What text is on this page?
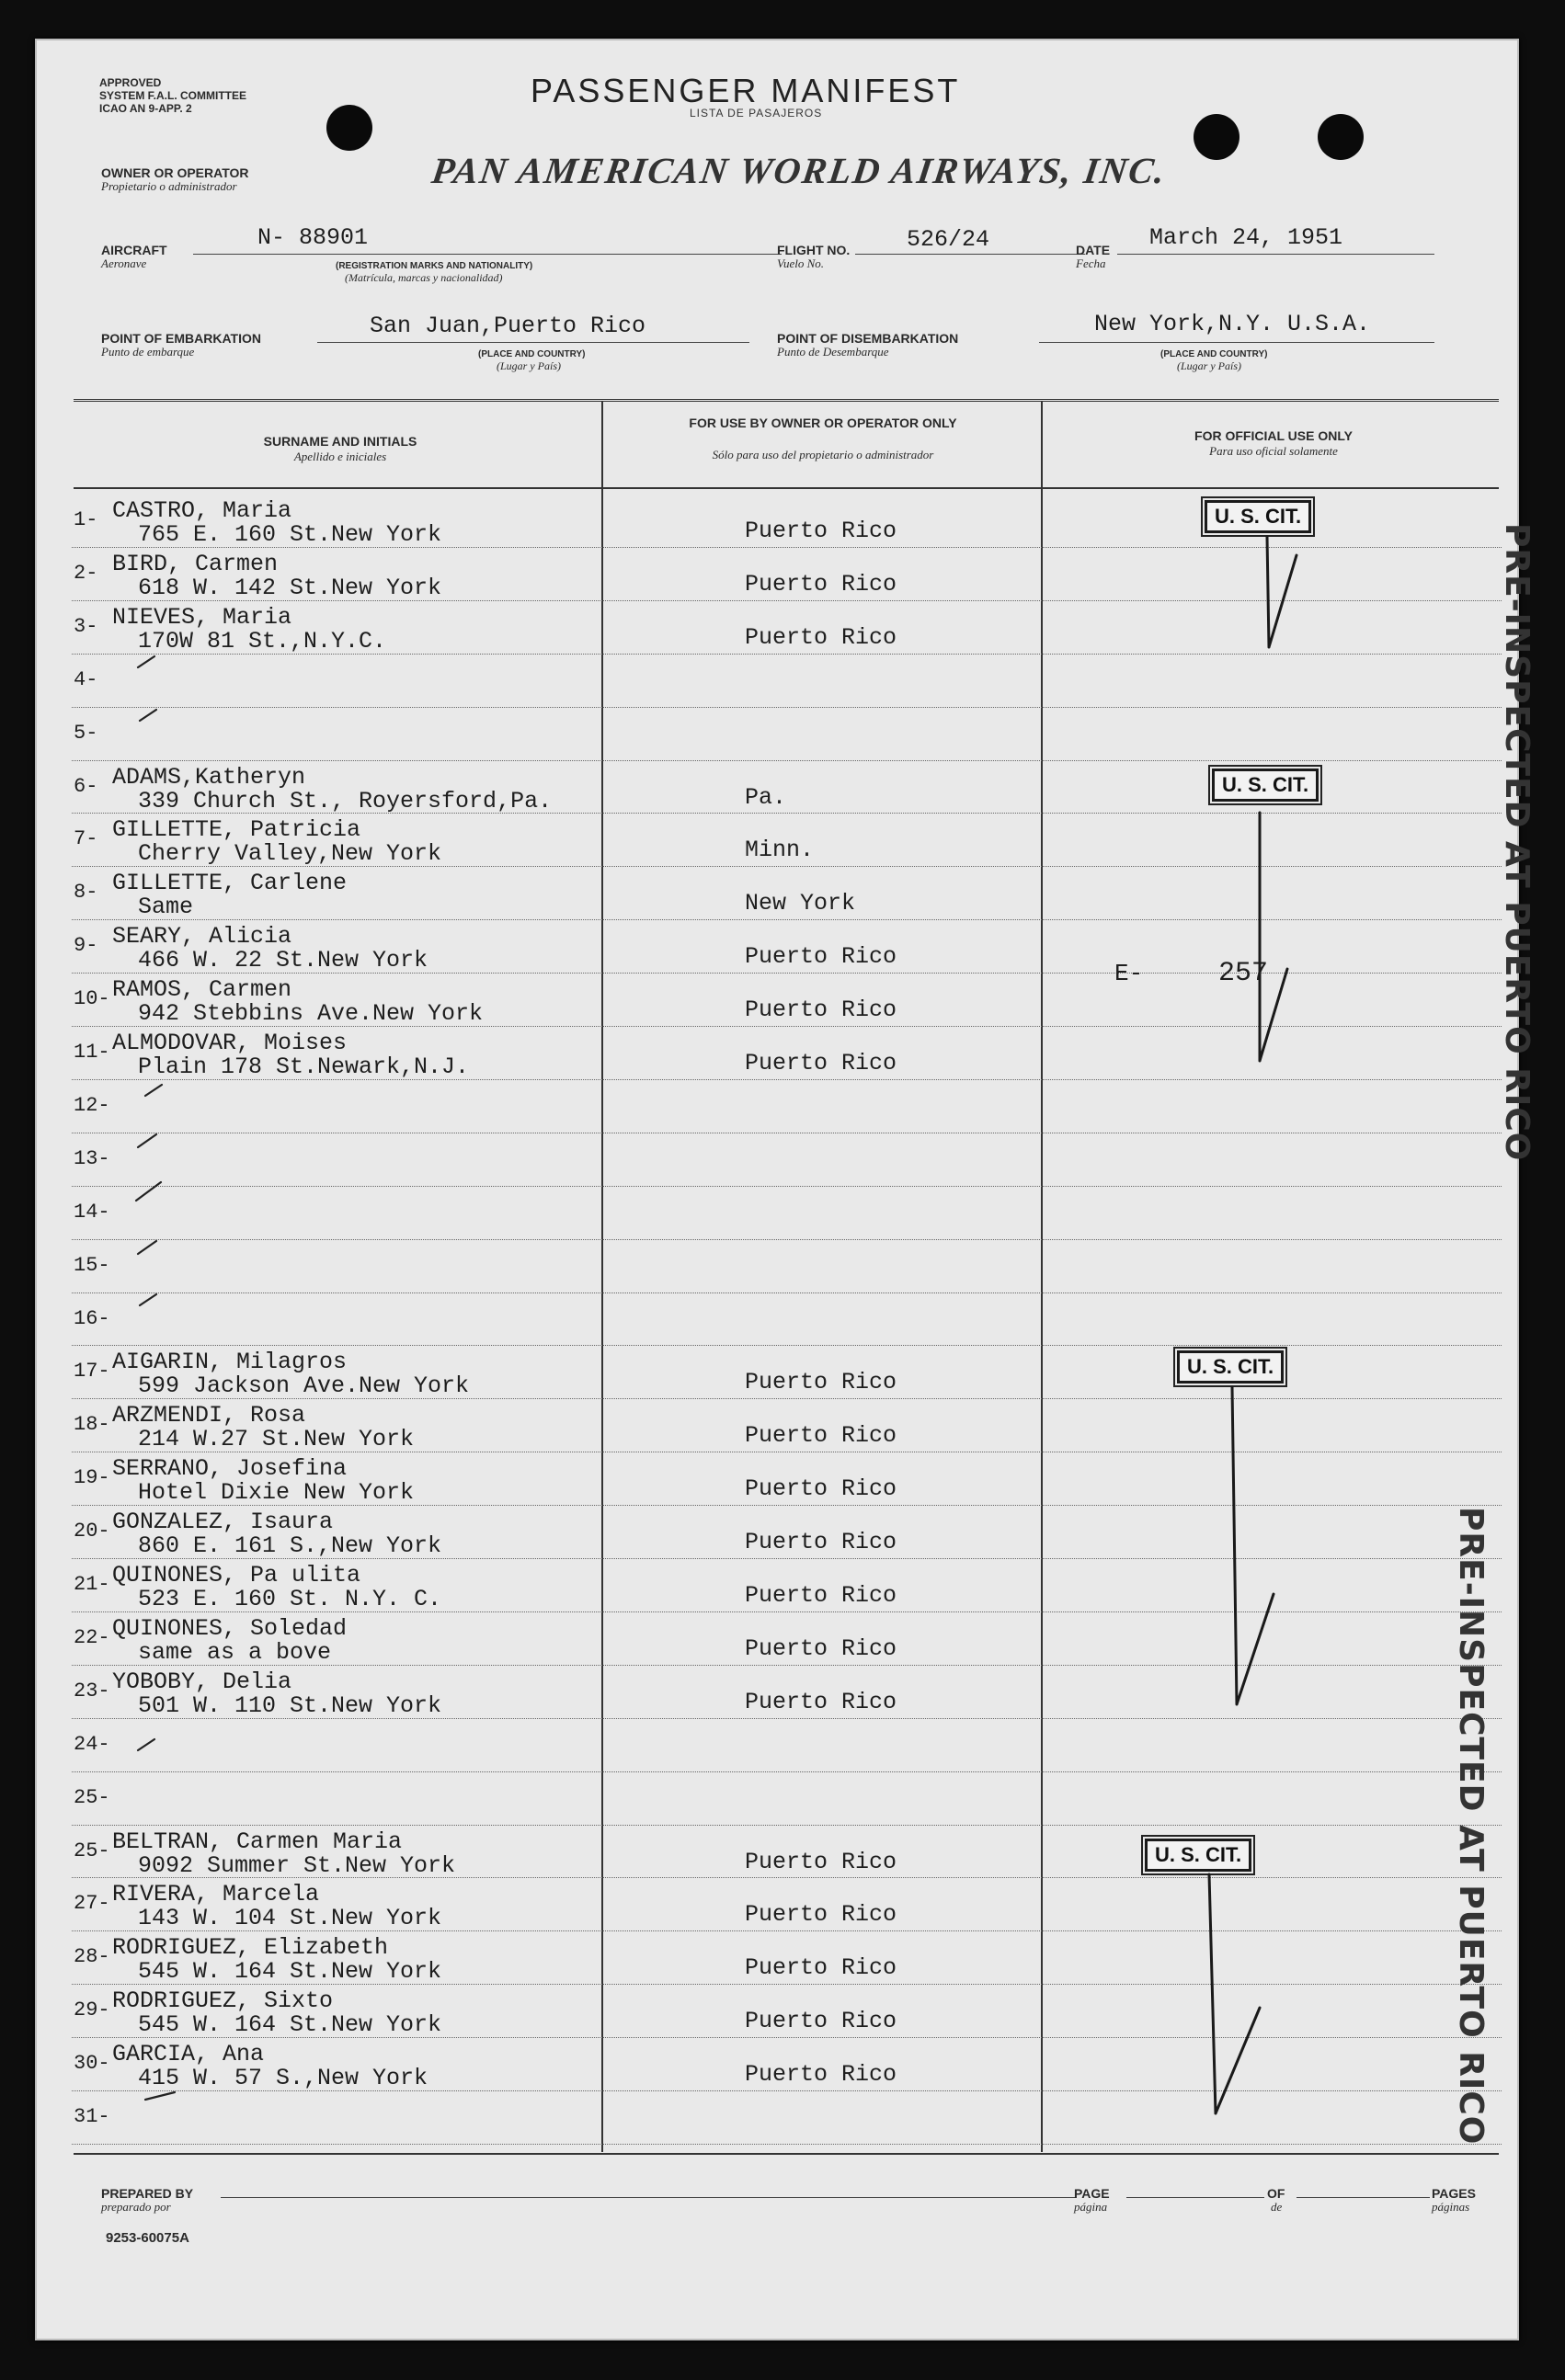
APPROVED
SYSTEM F.A.L. COMMITTEE
ICAO AN 9-APP. 2	PASSENGER MANIFEST
LISTA DE PASAJEROS
OWNER OR OPERATOR
Propietario o administrador	PAN AMERICAN WORLD AIRWAYS, INC.
AIRCRAFT
Aeronave
N- 88901
(REGISTRATION MARKS AND NATIONALITY)
(Matrícula, marcas y nacionalidad)
FLIGHT NO.
Vuelo No.
526/24	DATE
Fecha
March 24, 1951
POINT OF EMBARKATION
Punto de embarque
San Juan,Puerto Rico
(PLACE AND COUNTRY)
(Lugar y País)
POINT OF DISEMBARKATION
Punto de Desembarque
New York,N.Y. U.S.A.
(PLACE AND COUNTRY)
(Lugar y País)
SURNAME AND INITIALS
Apellido e iniciales
FOR USE BY OWNER OR OPERATOR ONLY
Sólo para uso del propietario o administrador
FOR OFFICIAL USE ONLY
Para uso oficial solamente
1- CASTRO, Maria
765 E. 160 St.New York	Puerto Rico
2- BIRD, Carmen
618 W. 142 St.New York	Puerto Rico
3- NIEVES, Maria
170W 81 St.,N.Y.C.	Puerto Rico
4-
5-
6- ADAMS,Katheryn
339 Church St., Royersford,Pa.	Pa.
7- GILLETTE, Patricia
Cherry Valley,New York	Minn.
8- GILLETTE, Carlene
Same	New York
9- SEARY, Alicia
466 W. 22 St.New York	Puerto Rico
10- RAMOS, Carmen
942 Stebbins Ave.New York	Puerto Rico
11- ALMODOVAR, Moises
Plain 178 St.Newark,N.J.	Puerto Rico
12-
13-
14-
15-
16-
17- AIGARIN, Milagros
599 Jackson Ave.New York	Puerto Rico
18- ARZMENDI, Rosa
214 W.27 St.New York	Puerto Rico
19- SERRANO, Josefina
Hotel Dixie New York	Puerto Rico
20- GONZALEZ, Isaura
860 E. 161 S.,New York	Puerto Rico
21- QUINONES, Pa ulita
523 E. 160 St. N.Y. C.	Puerto Rico
22- QUINONES, Soledad
same as a bove	Puerto Rico
23- YOBOBY, Delia
501 W. 110 St.New York	Puerto Rico
24-
25-
25- BELTRAN, Carmen Maria
9092 Summer St.New York	Puerto Rico
27- RIVERA, Marcela
143 W. 104 St.New York	Puerto Rico
28- RODRIGUEZ, Elizabeth
545 W. 164 St.New York	Puerto Rico
29- RODRIGUEZ, Sixto
545 W. 164 St.New York	Puerto Rico
30- GARCIA, Ana
415 W. 57 S.,New York	Puerto Rico
31-
U. S. CIT.
U. S. CIT.
U. S. CIT.
U. S. CIT.
E-	257	PRE-INSPECTED AT PUERTO RICO
PRE-INSPECTED AT PUERTO RICO
PREPARED BY
preparado por
PAGE
página
OF
de
PAGES
páginas
9253-60075A
